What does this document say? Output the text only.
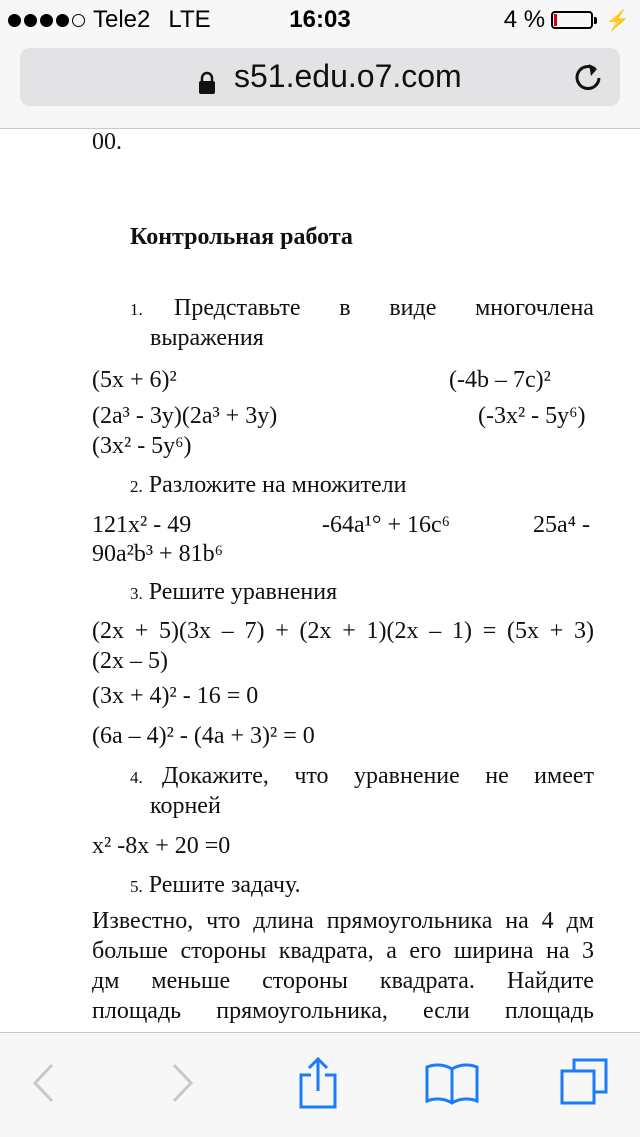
Tele2 LTE	16:03	4 %	⚡
s51.edu.o7.com
00.
Контрольная работа
1. Представьте в виде многочлена
выражения
(5x + 6)²	(-4b – 7c)²
(2a³ - 3y)(2a³ + 3y)	(-3x² - 5y⁶)
(3x² - 5y⁶)
2. Разложите на множители
121x² - 49	-64a¹° + 16c⁶	25a⁴ -
90a²b³ + 81b⁶
3. Решите уравнения
(2x + 5)(3x – 7) + (2x + 1)(2x – 1) = (5x + 3)
(2x – 5)
(3x + 4)² - 16 = 0
(6a – 4)² - (4a + 3)² = 0
4. Докажите, что уравнение не имеет
корней
x² -8x + 20 =0
5. Решите задачу.
Известно, что длина прямоугольника на 4 дм
больше стороны квадрата, а его ширина на 3
дм меньше стороны квадрата. Найдите
площадь прямоугольника, если площадь
